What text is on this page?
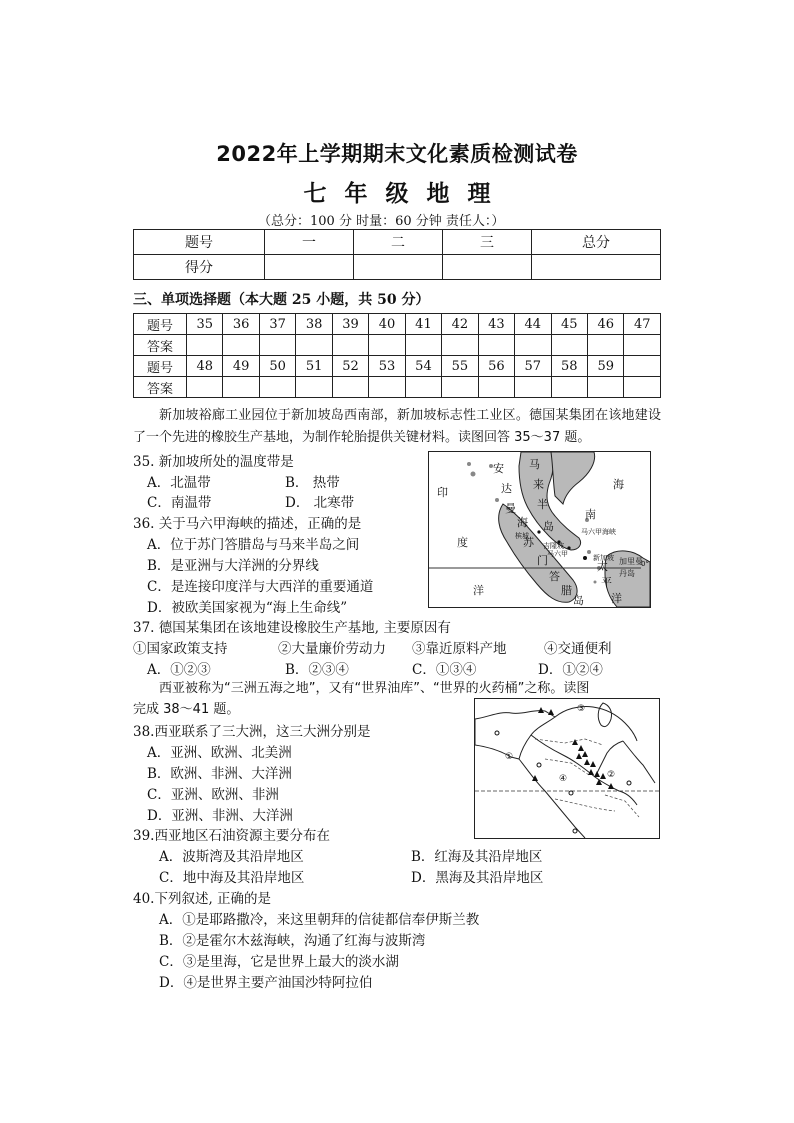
2022年上学期期末文化素质检测试卷
七 年 级 地 理
（总分：100 分 时量：60 分钟 责任人：）
题号	一	二	三	总分
得分				
三、单项选择题（本大题 25 小题，共 50 分）
题号	35	36	37	38	39	40	41	42	43	44	45	46	47
答案													
题号	48	49	50	51	52	53	54	55	56	57	58	59	
答案													
新加坡裕廊工业园位于新加坡岛西南部，新加坡标志性工业区。德国某集团在该地建设了一个先进的橡胶生产基地，为制作轮胎提供关键材料。读图回答 35～37 题。
35. 新加坡所处的温度带是
A．北温带	B． 热带
C．南温带	D． 北寒带
36. 关于马六甲海峡的描述，正确的是
A．位于苏门答腊岛与马来半岛之间
B．是亚洲与大洋洲的分界线
C．是连接印度洋与大西洋的重要通道
D．被欧美国家视为“海上生命线”
印
度
洋
安
达
曼
海
马
来
半
岛
苏
门
答
腊
岛
海
南
太
平
洋
槟城
吉隆坡
马六甲
马六甲海峡
新加坡 加里曼
丹岛
0°
37. 德国某集团在该地建设橡胶生产基地, 主要原因有
①国家政策支持	②大量廉价劳动力 ③靠近原料产地	④交通便利
A．①②③	B．②③④	C．①③④	D．①②④
西亚被称为“三洲五海之地”，又有“世界油库”、“世界的火药桶”之称。读图
完成 38～41 题。
38.西亚联系了三大洲，这三大洲分别是
A．亚洲、欧洲、北美洲
B．欧洲、非洲、大洋洲
C．亚洲、欧洲、非洲
D．亚洲、非洲、大洋洲
①
②
③
④
39.西亚地区石油资源主要分布在
A．波斯湾及其沿岸地区	B．红海及其沿岸地区
C．地中海及其沿岸地区	D．黑海及其沿岸地区
40.下列叙述, 正确的是
A．①是耶路撒冷，来这里朝拜的信徒都信奉伊斯兰教
B．②是霍尔木兹海峡，沟通了红海与波斯湾
C．③是里海，它是世界上最大的淡水湖
D．④是世界主要产油国沙特阿拉伯
